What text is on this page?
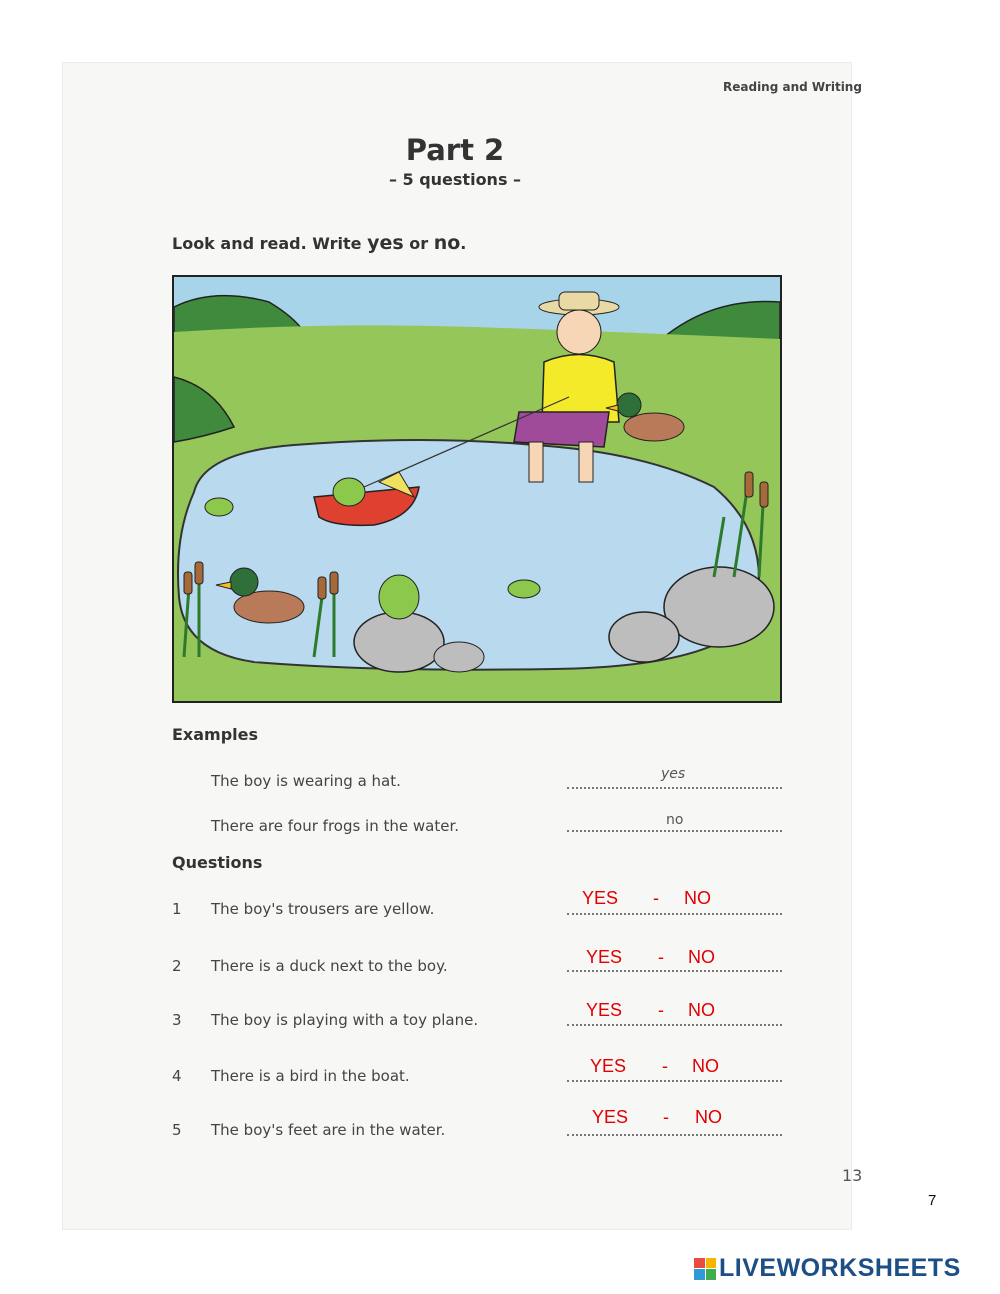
Reading and Writing
Part 2
– 5 questions –
Look and read. Write yes or no.
Examples
The boy is wearing a hat.	yes
There are four frogs in the water.	no
Questions
1 The boy's trousers are yellow.
YES - NO
2 There is a duck next to the boy.	YES - NO
3 The boy is playing with a toy plane.	YES - NO
4 There is a bird in the boat.	YES - NO
5 The boy's feet are in the water.
YES - NO
13
7
LIVEWORKSHEETS
